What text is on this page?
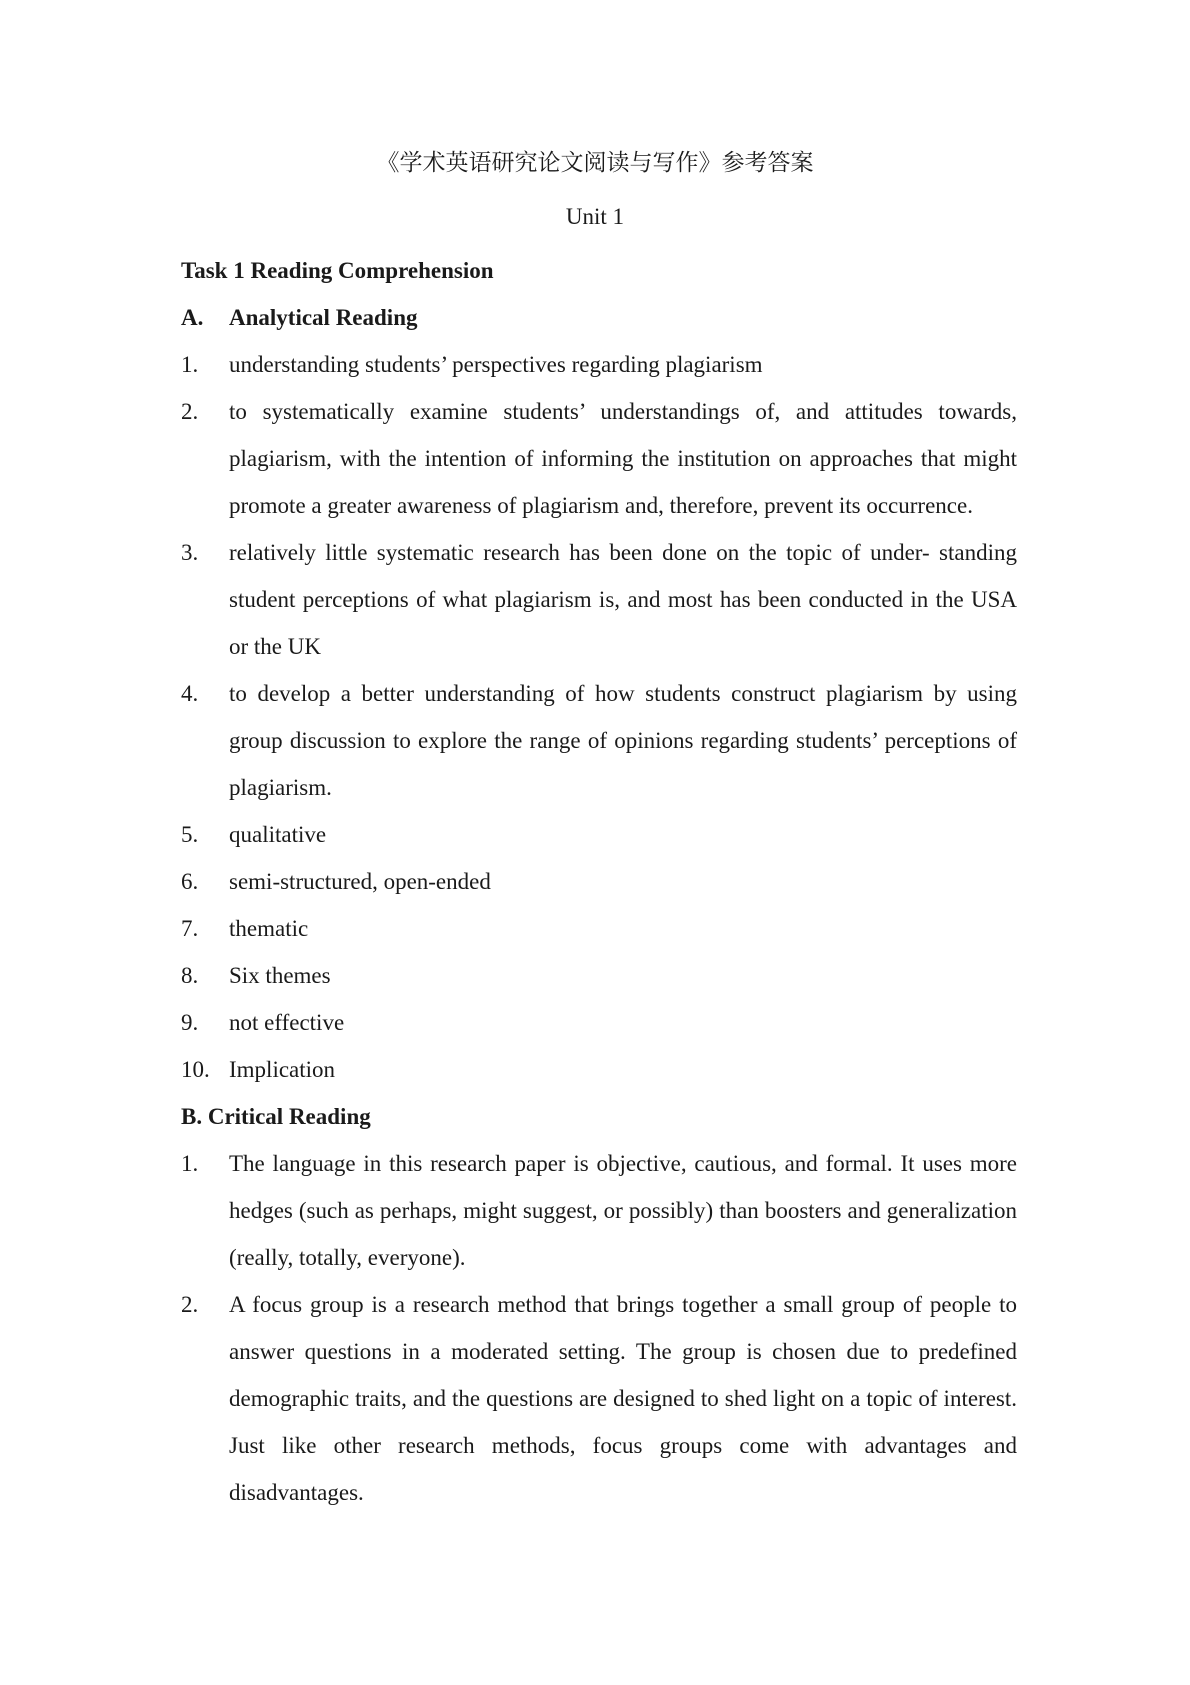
《学术英语研究论文阅读与写作》参考答案
Unit 1

Task 1 Reading Comprehension

A.	Analytical Reading
1.	understanding students’ perspectives regarding plagiarism
2.	to systematically examine students’ understandings of, and attitudes towards, plagiarism, with the intention of informing the institution on approaches that might promote a greater awareness of plagiarism and, therefore, prevent its occurrence.
3.	relatively little systematic research has been done on the topic of under- standing student perceptions of what plagiarism is, and most has been conducted in the USA or the UK
4.	to develop a better understanding of how students construct plagiarism by using group discussion to explore the range of opinions regarding students’ perceptions of plagiarism.
5.	qualitative
6.	semi-structured, open-ended
7.	thematic
8.	Six themes
9.	not effective
10. Implication

B. Critical Reading

1.	The language in this research paper is objective, cautious, and formal. It uses more hedges (such as perhaps, might suggest, or possibly) than boosters and generalization (really, totally, everyone).
2.	A focus group is a research method that brings together a small group of people to answer questions in a moderated setting. The group is chosen due to predefined demographic traits, and the questions are designed to shed light on a topic of interest. Just like other research methods, focus groups come with advantages and disadvantages.
